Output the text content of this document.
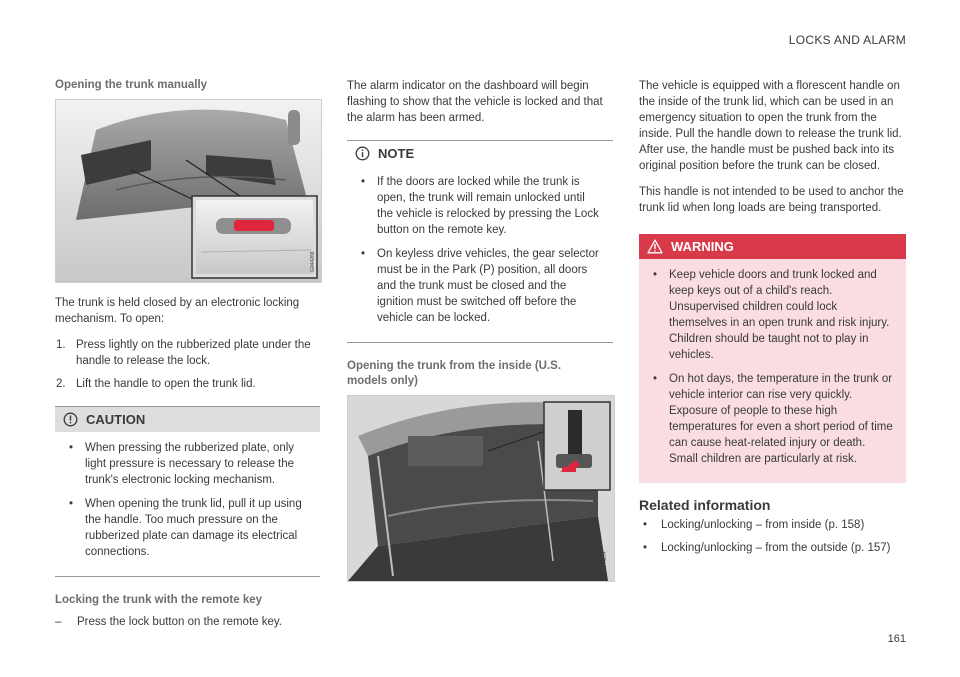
LOCKS AND ALARM
Opening the trunk manually
G044268

The trunk is held closed by an electronic locking mechanism. To open:

1. Press lightly on the rubberized plate under the handle to release the lock.
2. Lift the handle to open the trunk lid.
CAUTION
• When pressing the rubberized plate, only light pressure is necessary to release the trunk's electronic locking mechanism.
• When opening the trunk lid, pull it up using the handle. Too much pressure on the rubberized plate can damage its electrical connections.
Locking the trunk with the remote key
– Press the lock button on the remote key.

The alarm indicator on the dashboard will begin flashing to show that the vehicle is locked and that the alarm has been armed.

NOTE
• If the doors are locked while the trunk is open, the trunk will remain unlocked until the vehicle is relocked by pressing the Lock button on the remote key.
• On keyless drive vehicles, the gear selector must be in the Park (P) position, all doors and the trunk must be closed and the ignition must be switched off before the vehicle can be locked.
Opening the trunk from the inside (U.S. models only)
G044274

The vehicle is equipped with a florescent handle on the inside of the trunk lid, which can be used in an emergency situation to open the trunk from the inside. Pull the handle down to release the trunk lid. After use, the handle must be pushed back into its original position before the trunk can be closed.

This handle is not intended to be used to anchor the trunk lid when long loads are being transported.

WARNING
• Keep vehicle doors and trunk locked and keep keys out of a child's reach. Unsupervised children could lock themselves in an open trunk and risk injury. Children should be taught not to play in vehicles.
• On hot days, the temperature in the trunk or vehicle interior can rise very quickly. Exposure of people to these high temperatures for even a short period of time can cause heat-related injury or death. Small children are particularly at risk.
Related information
• Locking/unlocking – from inside (p. 158)
• Locking/unlocking – from the outside (p. 157)
161
